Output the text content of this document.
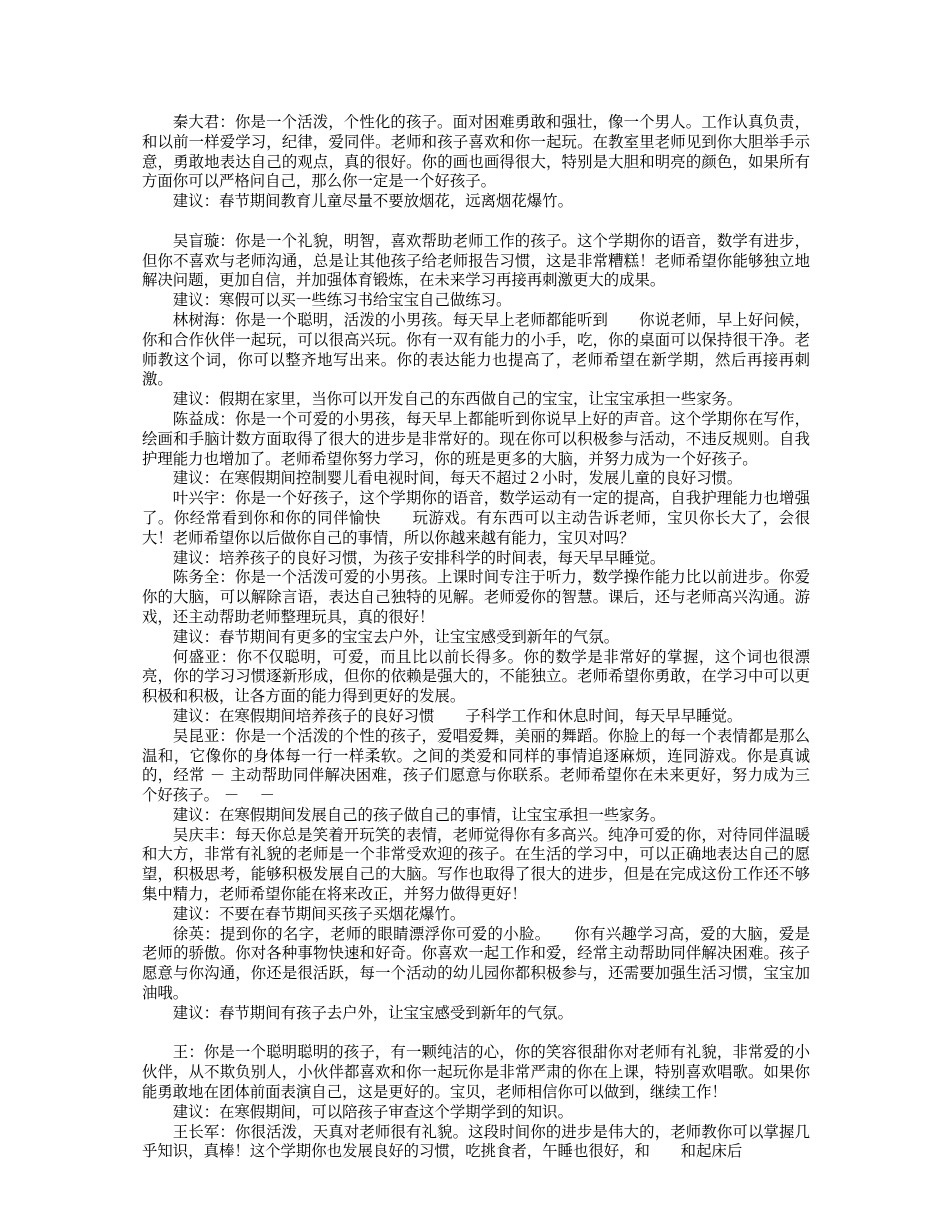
秦大君：你是一个活泼，个性化的孩子。面对困难勇敢和强壮，像一个男人。工作认真负责，和以前一样爱学习，纪律，爱同伴。老师和孩子喜欢和你一起玩。在教室里老师见到你大胆举手示意，勇敢地表达自己的观点，真的很好。你的画也画得很大，特别是大胆和明亮的颜色，如果所有方面你可以严格问自己，那么你一定是一个好孩子。

建议：春节期间教育儿童尽量不要放烟花，远离烟花爆竹。

吴盲璇：你是一个礼貌，明智，喜欢帮助老师工作的孩子。这个学期你的语音，数学有进步，但你不喜欢与老师沟通，总是让其他孩子给老师报告习惯，这是非常糟糕！老师希望你能够独立地解决问题，更加自信，并加强体育锻炼，在未来学习再接再刺激更大的成果。

建议：寒假可以买一些练习书给宝宝自己做练习。

林树海：你是一个聪明，活泼的小男孩。每天早上老师都能听到　　你说老师，早上好问候，你和合作伙伴一起玩，可以很高兴玩。你有一双有能力的小手，吃，你的桌面可以保持很干净。老师教这个词，你可以整齐地写出来。你的表达能力也提高了，老师希望在新学期，然后再接再刺激。

建议：假期在家里，当你可以开发自己的东西做自己的宝宝，让宝宝承担一些家务。

陈益成：你是一个可爱的小男孩，每天早上都能听到你说早上好的声音。这个学期你在写作，绘画和手脑计数方面取得了很大的进步是非常好的。现在你可以积极参与活动，不违反规则。自我护理能力也增加了。老师希望你努力学习，你的班是更多的大脑，并努力成为一个好孩子。

建议：在寒假期间控制婴儿看电视时间，每天不超过２小时，发展儿童的良好习惯。

叶兴宇：你是一个好孩子，这个学期你的语音，数学运动有一定的提高，自我护理能力也增强了。你经常看到你和你的同伴愉快　　玩游戏。有东西可以主动告诉老师，宝贝你长大了，会很大！老师希望你以后做你自己的事情，所以你越来越有能力，宝贝对吗？

建议：培养孩子的良好习惯，为孩子安排科学的时间表，每天早早睡觉。

陈务全：你是一个活泼可爱的小男孩。上课时间专注于听力，数学操作能力比以前进步。你爱你的大脑，可以解除言语，表达自己独特的见解。老师爱你的智慧。课后，还与老师高兴沟通。游戏，还主动帮助老师整理玩具，真的很好！

建议：春节期间有更多的宝宝去户外，让宝宝感受到新年的气氛。

何盛亚：你不仅聪明，可爱，而且比以前长得多。你的数学是非常好的掌握，这个词也很漂亮，你的学习习惯逐新形成，但你的依赖是强大的，不能独立。老师希望你勇敢，在学习中可以更积极和积极，让各方面的能力得到更好的发展。

建议：在寒假期间培养孩子的良好习惯　　子科学工作和休息时间，每天早早睡觉。

吴昆亚：你是一个活泼的个性的孩子，爱唱爱舞，美丽的舞蹈。你脸上的每一个表情都是那么温和，它像你的身体每一行一样柔软。之间的类爱和同样的事情追逐麻烦，连同游戏。你是真诚的，经常 － 主动帮助同伴解决困难，孩子们愿意与你联系。老师希望你在未来更好，努力成为三个好孩子。 －　 －

建议：在寒假期间发展自己的孩子做自己的事情，让宝宝承担一些家务。

吴庆丰：每天你总是笑着开玩笑的表情，老师觉得你有多高兴。纯净可爱的你，对待同伴温暖和大方，非常有礼貌的老师是一个非常受欢迎的孩子。在生活的学习中，可以正确地表达自己的愿望，积极思考，能够积极发展自己的大脑。写作也取得了很大的进步，但是在完成这份工作还不够集中精力，老师希望你能在将来改正，并努力做得更好！

建议：不要在春节期间买孩子买烟花爆竹。

徐英：提到你的名字，老师的眼睛漂浮你可爱的小脸。　　你有兴趣学习高，爱的大脑，爱是老师的骄傲。你对各种事物快速和好奇。你喜欢一起工作和爱，经常主动帮助同伴解决困难。孩子愿意与你沟通，你还是很活跃，每一个活动的幼儿园你都积极参与，还需要加强生活习惯，宝宝加油哦。

建议：春节期间有孩子去户外，让宝宝感受到新年的气氛。

王：你是一个聪明聪明的孩子，有一颗纯洁的心，你的笑容很甜你对老师有礼貌，非常爱的小伙伴，从不欺负别人，小伙伴都喜欢和你一起玩你是非常严肃的你在上课，特别喜欢唱歌。如果你能勇敢地在团体前面表演自己，这是更好的。宝贝，老师相信你可以做到，继续工作！

建议：在寒假期间，可以陪孩子审查这个学期学到的知识。

王长军：你很活泼，天真对老师很有礼貌。这段时间你的进步是伟大的，老师教你可以掌握几乎知识，真棒！这个学期你也发展良好的习惯，吃挑食者，午睡也很好，和　　和起床后
